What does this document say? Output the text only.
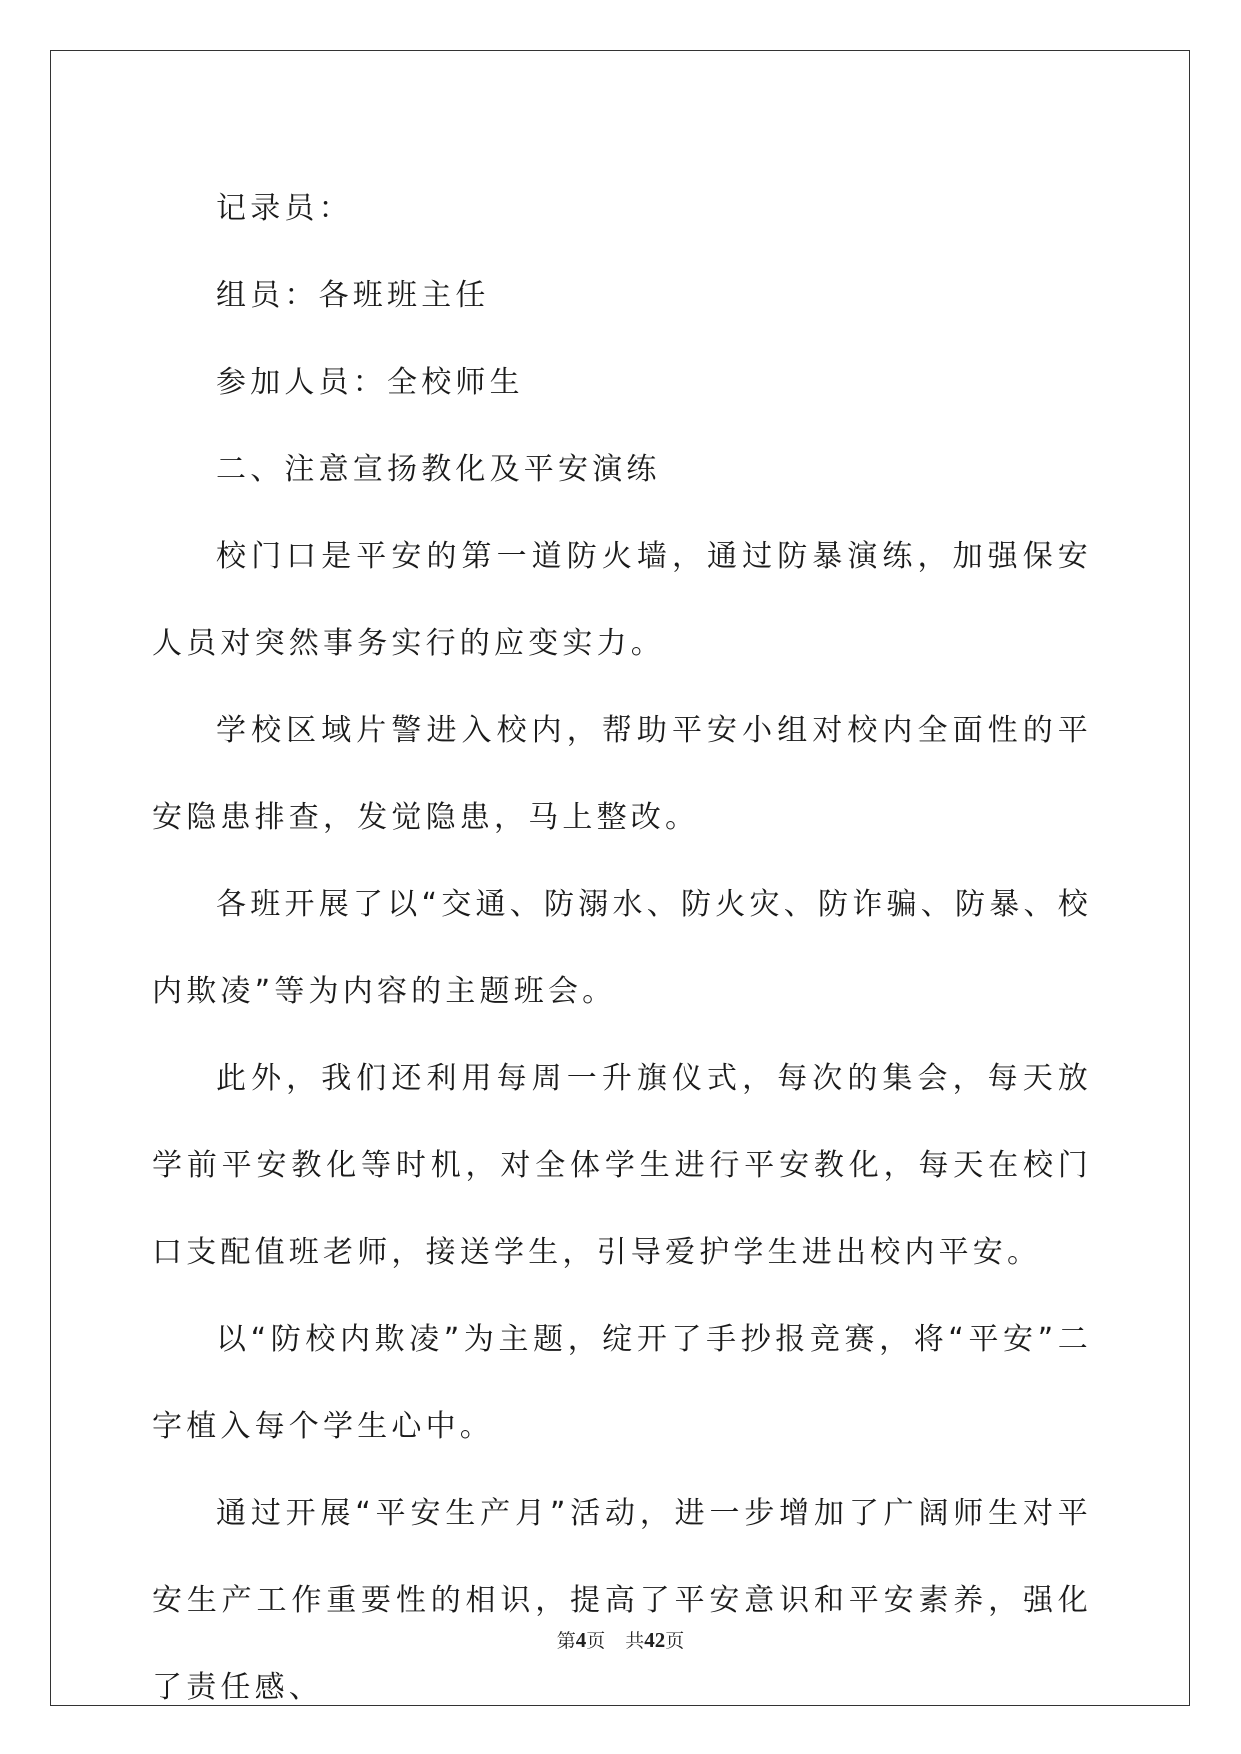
记录员：

组员：各班班主任

参加人员：全校师生

二、注意宣扬教化及平安演练

校门口是平安的第一道防火墙，通过防暴演练，加强保安人员对突然事务实行的应变实力。

学校区域片警进入校内，帮助平安小组对校内全面性的平安隐患排查，发觉隐患，马上整改。

各班开展了以“交通、防溺水、防火灾、防诈骗、防暴、校内欺凌”等为内容的主题班会。

此外，我们还利用每周一升旗仪式，每次的集会，每天放学前平安教化等时机，对全体学生进行平安教化，每天在校门口支配值班老师，接送学生，引导爱护学生进出校内平安。

以“防校内欺凌”为主题，绽开了手抄报竞赛，将“平安”二字植入每个学生心中。

通过开展“平安生产月”活动，进一步增加了广阔师生对平安生产工作重要性的相识，提高了平安意识和平安素养，强化了责任感、

第4页 共42页
